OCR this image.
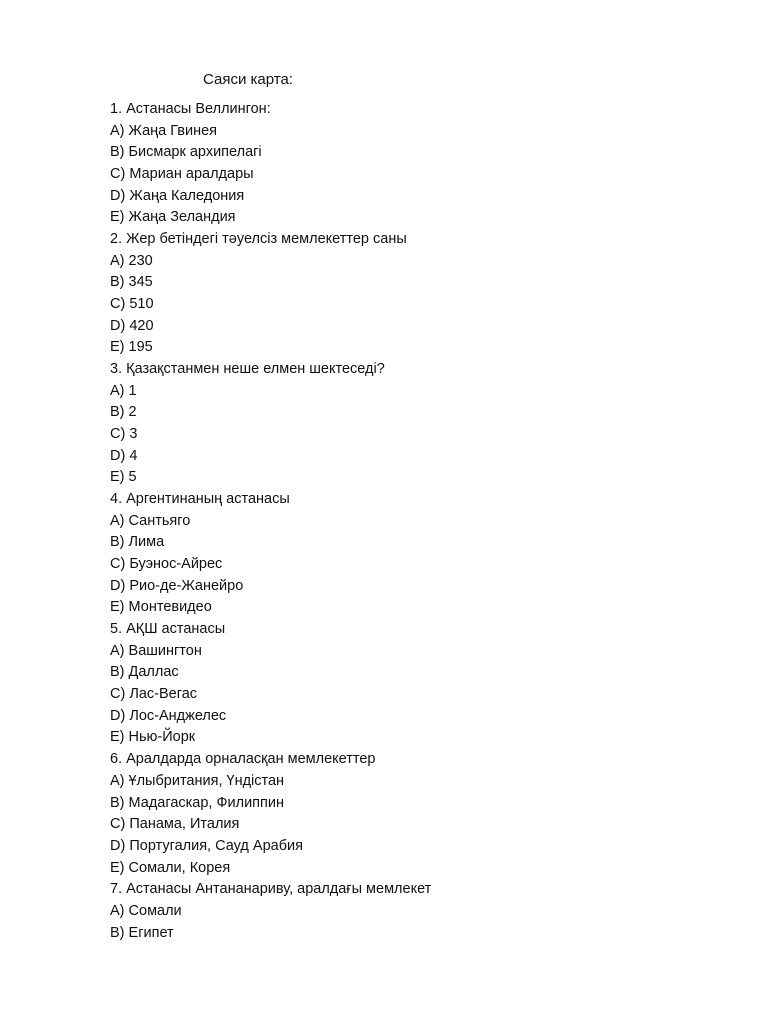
Саяси карта:
1. Астанасы Веллингон:
A) Жаңа Гвинея
B) Бисмарк архипелагі
C) Мариан аралдары
D) Жаңа Каледония
E) Жаңа Зеландия
2. Жер бетіндегі тәуелсіз мемлекеттер саны
A) 230
B) 345
C) 510
D) 420
E) 195
3. Қазақстанмен неше елмен шектеседі?
A) 1
B) 2
C) 3
D) 4
E) 5
4. Аргентинаның астанасы
A) Сантьяго
B) Лима
C) Буэнос-Айрес
D) Рио-де-Жанейро
E) Монтевидео
5. АҚШ астанасы
A) Вашингтон
B) Даллас
C) Лас-Вегас
D) Лос-Анджелес
E) Нью-Йорк
6. Аралдарда орналасқан мемлекеттер
A) Ұлыбритания, Үндістан
B) Мадагаскар, Филиппин
C) Панама, Италия
D) Португалия, Сауд Арабия
E) Сомали, Корея
7. Астанасы Антананариву, аралдағы мемлекет
A) Сомали
B) Египет
